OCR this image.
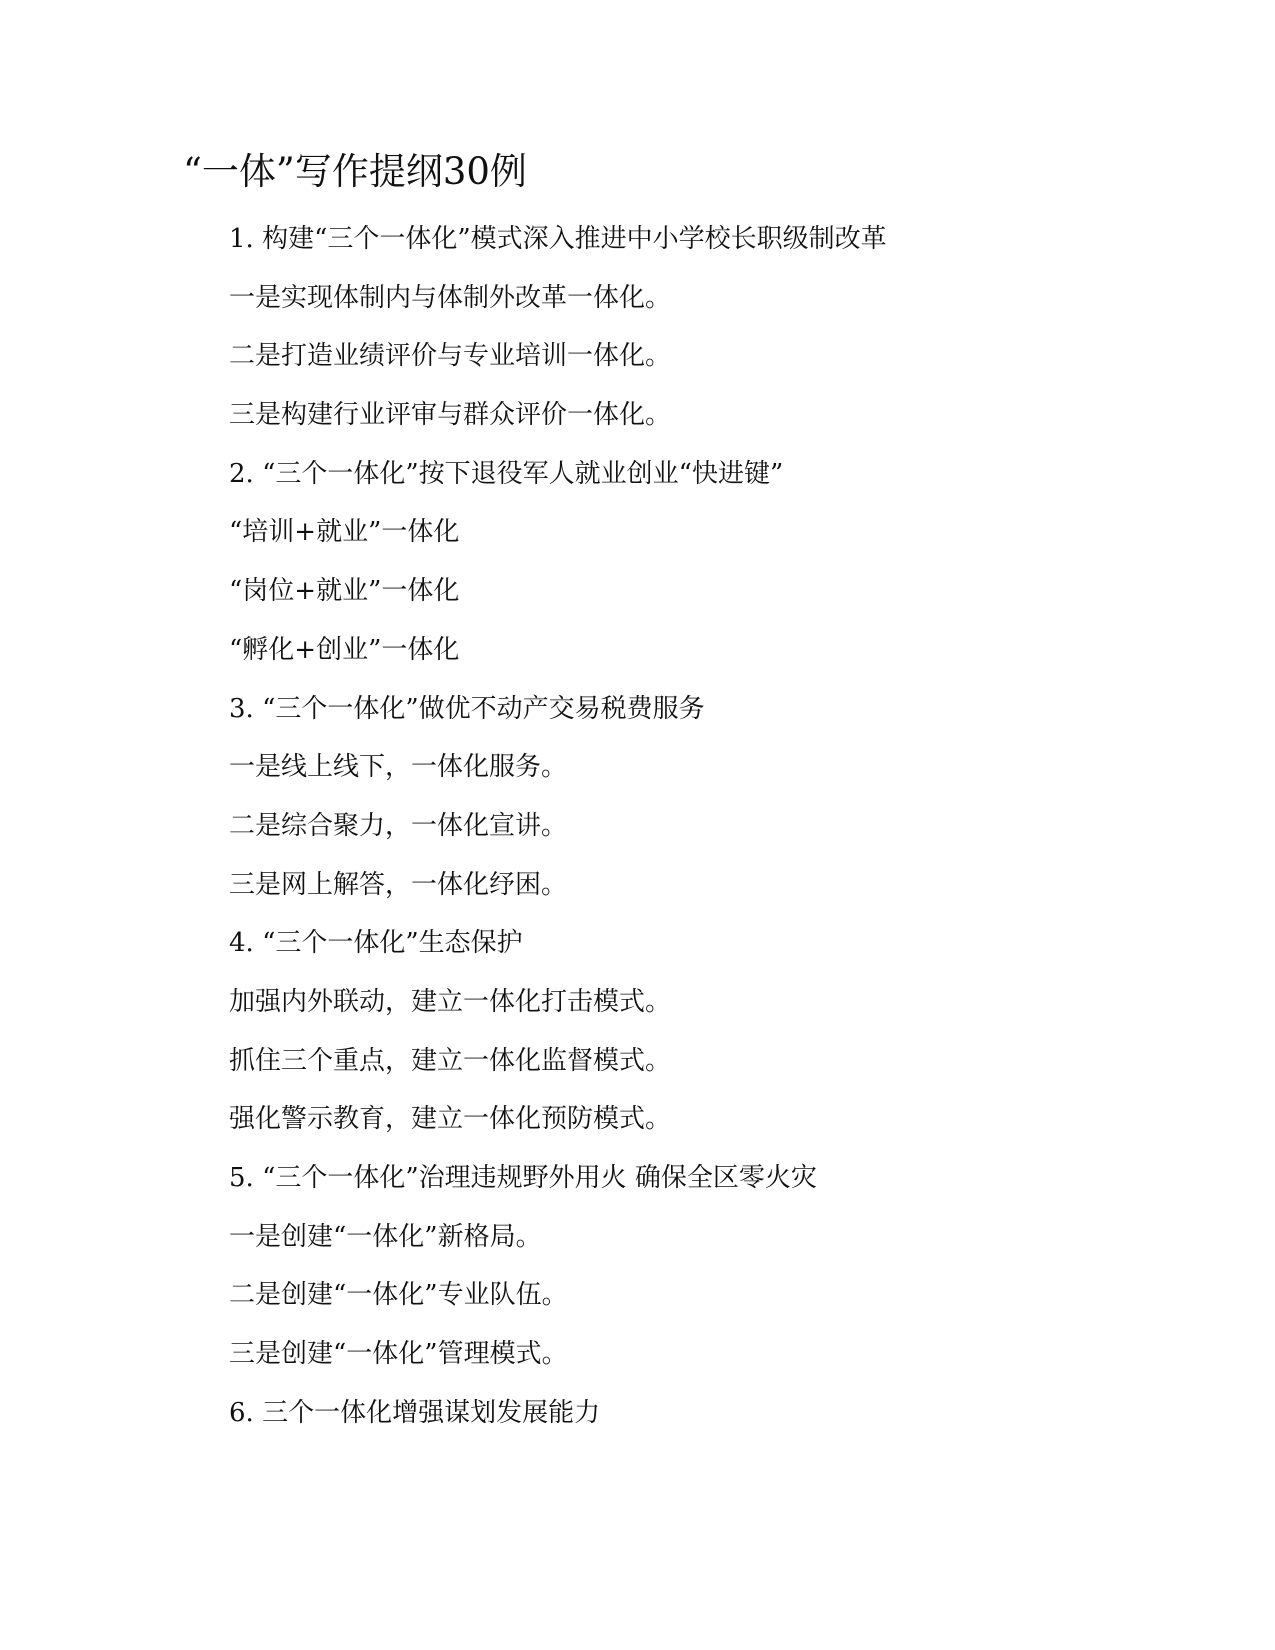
“一体”写作提纲30例
1. 构建“三个一体化”模式深入推进中小学校长职级制改革
一是实现体制内与体制外改革一体化。
二是打造业绩评价与专业培训一体化。
三是构建行业评审与群众评价一体化。
2. “三个一体化”按下退役军人就业创业“快进键”
“培训+就业”一体化
“岗位+就业”一体化
“孵化+创业”一体化
3. “三个一体化”做优不动产交易税费服务
一是线上线下，一体化服务。
二是综合聚力，一体化宣讲。
三是网上解答，一体化纾困。
4. “三个一体化”生态保护
加强内外联动，建立一体化打击模式。
抓住三个重点，建立一体化监督模式。
强化警示教育，建立一体化预防模式。
5. “三个一体化”治理违规野外用火 确保全区零火灾
一是创建“一体化”新格局。
二是创建“一体化”专业队伍。
三是创建“一体化”管理模式。
6. 三个一体化增强谋划发展能力
